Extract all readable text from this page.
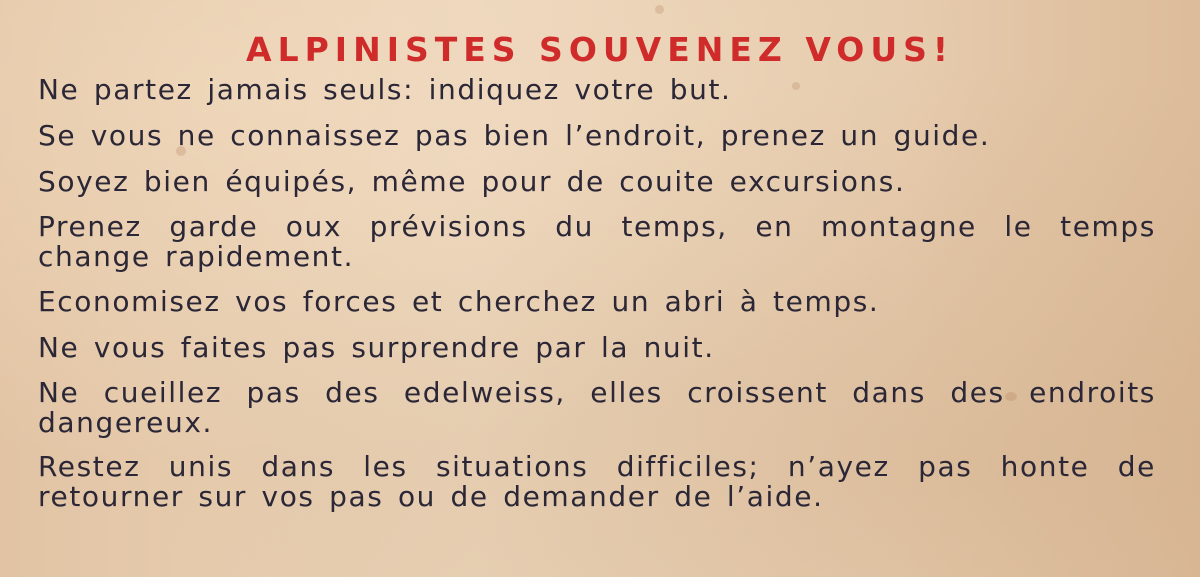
ALPINISTES SOUVENEZ VOUS!
Ne partez jamais seuls: indiquez votre but.
Se vous ne connaissez pas bien l’endroit, prenez un guide.
Soyez bien équipés, même pour de couite excursions.
Prenez garde oux prévisions du temps, en montagne le temps change rapidement.
Economisez vos forces et cherchez un abri à temps.
Ne vous faites pas surprendre par la nuit.
Ne cueillez pas des edelweiss, elles croissent dans des endroits dangereux.
Restez unis dans les situations difficiles; n’ayez pas honte de retourner sur vos pas ou de demander de l’aide.
